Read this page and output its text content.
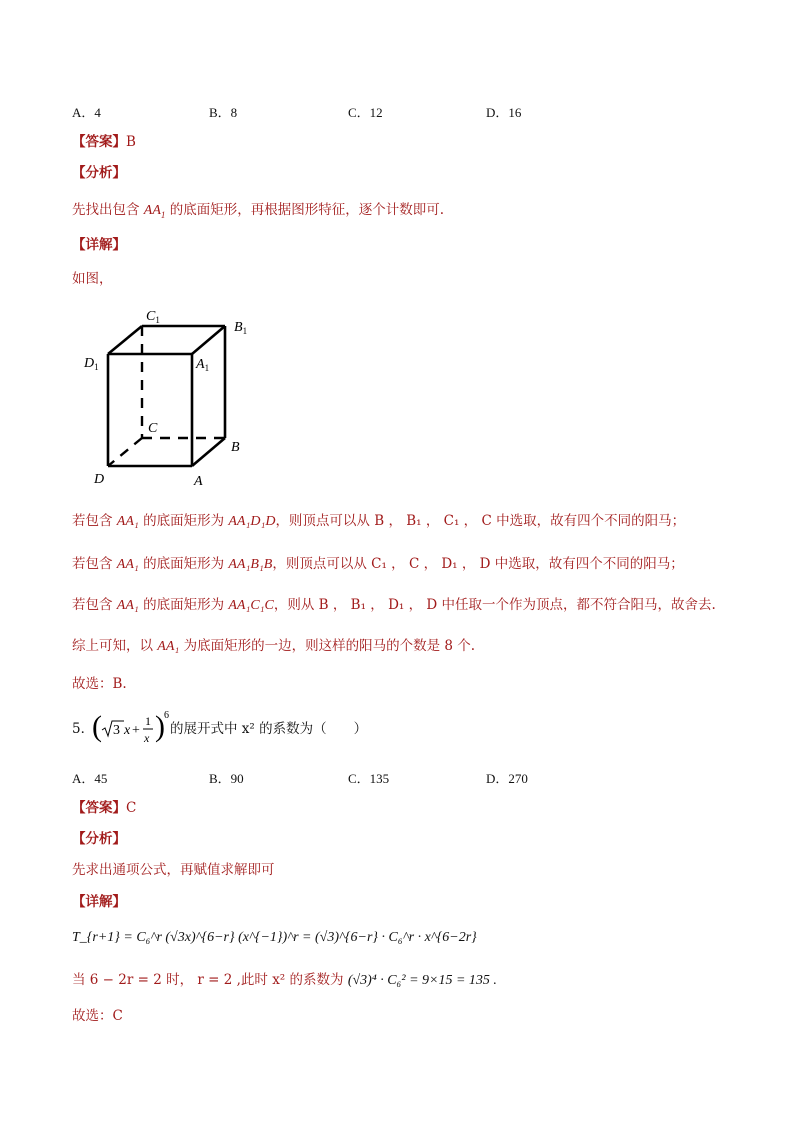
A．4	B．8	C．12	D．16
【答案】B
【分析】
先找出包含 $AA_1$ 的底面矩形，再根据图形特征，逐个计数即可.
【详解】
如图，
$C_1$	$B_1$
$D_1$	$A_1$
C
B
D	A
若包含 AA₁ 的底面矩形为 AA₁D₁D，则顶点可以从 B ， B₁ ， C₁ ， C 中选取，故有四个不同的阳马；
若包含 AA₁ 的底面矩形为 AA₁B₁B，则顶点可以从 C₁ ， C ， D₁ ， D 中选取，故有四个不同的阳马；
若包含 AA₁ 的底面矩形为 AA₁C₁C，则从 B ， B₁ ， D₁ ， D 中任取一个作为顶点，都不符合阳马，故舍去.
综上可知，以 AA₁ 为底面矩形的一边，则这样的阳马的个数是 8 个.
故选：B.
5．
( 3 x +
1
x ) 6
的展开式中 x² 的系数为（　　）
A．45	B．90	C．135	D．270
【答案】C
【分析】
先求出通项公式，再赋值求解即可
【详解】
T_{r+1} = C₆^r (√3x)^{6−r} (x^{−1})^r = (√3)^{6−r} · C₆^r · x^{6−2r}
当 6 − 2r = 2 时， r = 2 ,此时 x² 的系数为 (√3)⁴ · C₆² = 9×15 = 135 .
故选：C
